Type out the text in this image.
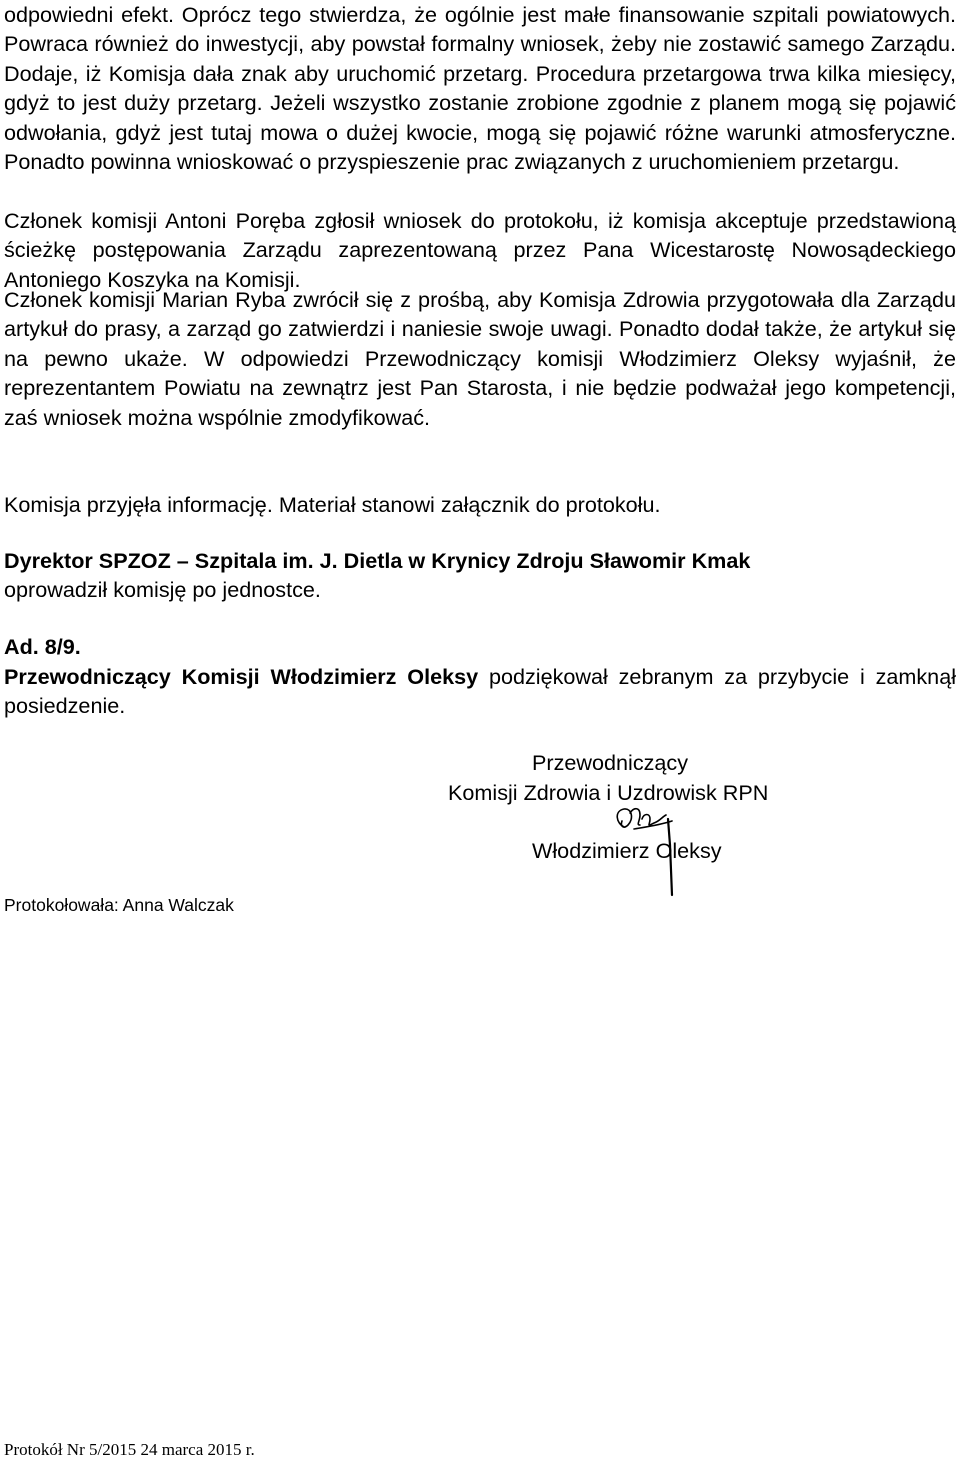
odpowiedni efekt. Oprócz tego stwierdza, że ogólnie jest małe finansowanie szpitali powiatowych. Powraca również do inwestycji, aby powstał formalny wniosek, żeby nie zostawić samego Zarządu. Dodaje, iż Komisja dała znak aby uruchomić przetarg. Procedura przetargowa trwa kilka miesięcy, gdyż to jest duży przetarg. Jeżeli wszystko zostanie zrobione zgodnie z planem mogą się pojawić odwołania, gdyż jest tutaj mowa o dużej kwocie, mogą się pojawić różne warunki atmosferyczne. Ponadto powinna wnioskować o przyspieszenie prac związanych z uruchomieniem przetargu.

Członek komisji Antoni Poręba zgłosił wniosek do protokołu, iż komisja akceptuje przedstawioną ścieżkę postępowania Zarządu zaprezentowaną przez Pana Wicestarostę Nowosądeckiego Antoniego Koszyka na Komisji.

Członek komisji Marian Ryba zwrócił się z prośbą, aby Komisja Zdrowia przygotowała dla Zarządu artykuł do prasy, a zarząd go zatwierdzi i naniesie swoje uwagi. Ponadto dodał także, że artykuł się na pewno ukaże. W odpowiedzi Przewodniczący komisji Włodzimierz Oleksy wyjaśnił, że reprezentantem Powiatu na zewnątrz jest Pan Starosta, i nie będzie podważał jego kompetencji, zaś wniosek można wspólnie zmodyfikować.

Komisja przyjęła informację. Materiał stanowi załącznik do protokołu.

Dyrektor SPZOZ – Szpitala im. J. Dietla w Krynicy Zdroju Sławomir Kmak
oprowadził komisję po jednostce.

Ad. 8/9.

Przewodniczący Komisji Włodzimierz Oleksy podziękował zebranym za przybycie i zamknął posiedzenie.

Protokołowała: Anna Walczak
Protokół Nr 5/2015 24 marca 2015 r.
Przewodniczący
Komisji Zdrowia i Uzdrowisk RPN
Włodzimierz Oleksy
